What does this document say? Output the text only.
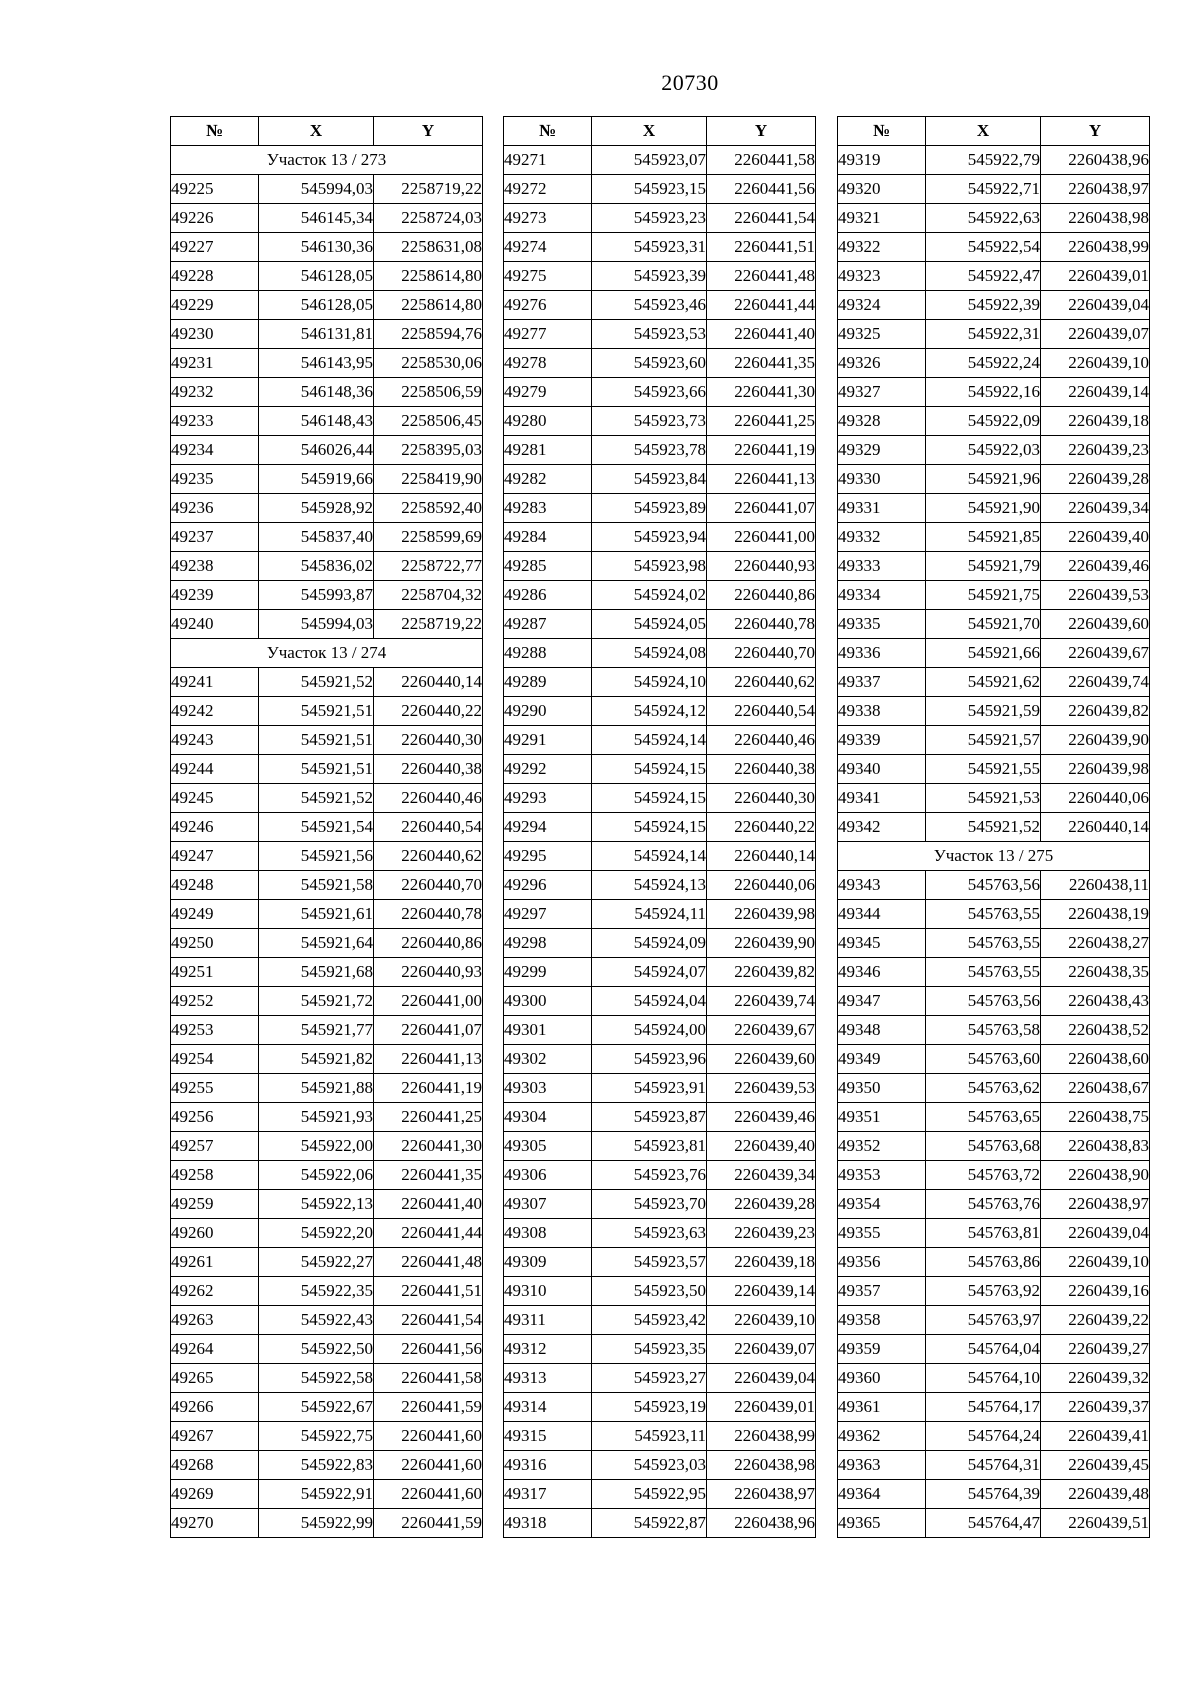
20730
№	X	Y
Участок 13 / 273		
49225	545994,03	2258719,22
49226	546145,34	2258724,03
49227	546130,36	2258631,08
49228	546128,05	2258614,80
49229	546128,05	2258614,80
49230	546131,81	2258594,76
49231	546143,95	2258530,06
49232	546148,36	2258506,59
49233	546148,43	2258506,45
49234	546026,44	2258395,03
49235	545919,66	2258419,90
49236	545928,92	2258592,40
49237	545837,40	2258599,69
49238	545836,02	2258722,77
49239	545993,87	2258704,32
49240	545994,03	2258719,22
Участок 13 / 274		
49241	545921,52	2260440,14
49242	545921,51	2260440,22
49243	545921,51	2260440,30
49244	545921,51	2260440,38
49245	545921,52	2260440,46
49246	545921,54	2260440,54
49247	545921,56	2260440,62
49248	545921,58	2260440,70
49249	545921,61	2260440,78
49250	545921,64	2260440,86
49251	545921,68	2260440,93
49252	545921,72	2260441,00
49253	545921,77	2260441,07
49254	545921,82	2260441,13
49255	545921,88	2260441,19
49256	545921,93	2260441,25
49257	545922,00	2260441,30
49258	545922,06	2260441,35
49259	545922,13	2260441,40
49260	545922,20	2260441,44
49261	545922,27	2260441,48
49262	545922,35	2260441,51
49263	545922,43	2260441,54
49264	545922,50	2260441,56
49265	545922,58	2260441,58
49266	545922,67	2260441,59
49267	545922,75	2260441,60
49268	545922,83	2260441,60
49269	545922,91	2260441,60
49270	545922,99	2260441,59
№	X	Y
49271	545923,07	2260441,58
49272	545923,15	2260441,56
49273	545923,23	2260441,54
49274	545923,31	2260441,51
49275	545923,39	2260441,48
49276	545923,46	2260441,44
49277	545923,53	2260441,40
49278	545923,60	2260441,35
49279	545923,66	2260441,30
49280	545923,73	2260441,25
49281	545923,78	2260441,19
49282	545923,84	2260441,13
49283	545923,89	2260441,07
49284	545923,94	2260441,00
49285	545923,98	2260440,93
49286	545924,02	2260440,86
49287	545924,05	2260440,78
49288	545924,08	2260440,70
49289	545924,10	2260440,62
49290	545924,12	2260440,54
49291	545924,14	2260440,46
49292	545924,15	2260440,38
49293	545924,15	2260440,30
49294	545924,15	2260440,22
49295	545924,14	2260440,14
49296	545924,13	2260440,06
49297	545924,11	2260439,98
49298	545924,09	2260439,90
49299	545924,07	2260439,82
49300	545924,04	2260439,74
49301	545924,00	2260439,67
49302	545923,96	2260439,60
49303	545923,91	2260439,53
49304	545923,87	2260439,46
49305	545923,81	2260439,40
49306	545923,76	2260439,34
49307	545923,70	2260439,28
49308	545923,63	2260439,23
49309	545923,57	2260439,18
49310	545923,50	2260439,14
49311	545923,42	2260439,10
49312	545923,35	2260439,07
49313	545923,27	2260439,04
49314	545923,19	2260439,01
49315	545923,11	2260438,99
49316	545923,03	2260438,98
49317	545922,95	2260438,97
49318	545922,87	2260438,96
№	X	Y
49319	545922,79	2260438,96
49320	545922,71	2260438,97
49321	545922,63	2260438,98
49322	545922,54	2260438,99
49323	545922,47	2260439,01
49324	545922,39	2260439,04
49325	545922,31	2260439,07
49326	545922,24	2260439,10
49327	545922,16	2260439,14
49328	545922,09	2260439,18
49329	545922,03	2260439,23
49330	545921,96	2260439,28
49331	545921,90	2260439,34
49332	545921,85	2260439,40
49333	545921,79	2260439,46
49334	545921,75	2260439,53
49335	545921,70	2260439,60
49336	545921,66	2260439,67
49337	545921,62	2260439,74
49338	545921,59	2260439,82
49339	545921,57	2260439,90
49340	545921,55	2260439,98
49341	545921,53	2260440,06
49342	545921,52	2260440,14
Участок 13 / 275		
49343	545763,56	2260438,11
49344	545763,55	2260438,19
49345	545763,55	2260438,27
49346	545763,55	2260438,35
49347	545763,56	2260438,43
49348	545763,58	2260438,52
49349	545763,60	2260438,60
49350	545763,62	2260438,67
49351	545763,65	2260438,75
49352	545763,68	2260438,83
49353	545763,72	2260438,90
49354	545763,76	2260438,97
49355	545763,81	2260439,04
49356	545763,86	2260439,10
49357	545763,92	2260439,16
49358	545763,97	2260439,22
49359	545764,04	2260439,27
49360	545764,10	2260439,32
49361	545764,17	2260439,37
49362	545764,24	2260439,41
49363	545764,31	2260439,45
49364	545764,39	2260439,48
49365	545764,47	2260439,51
